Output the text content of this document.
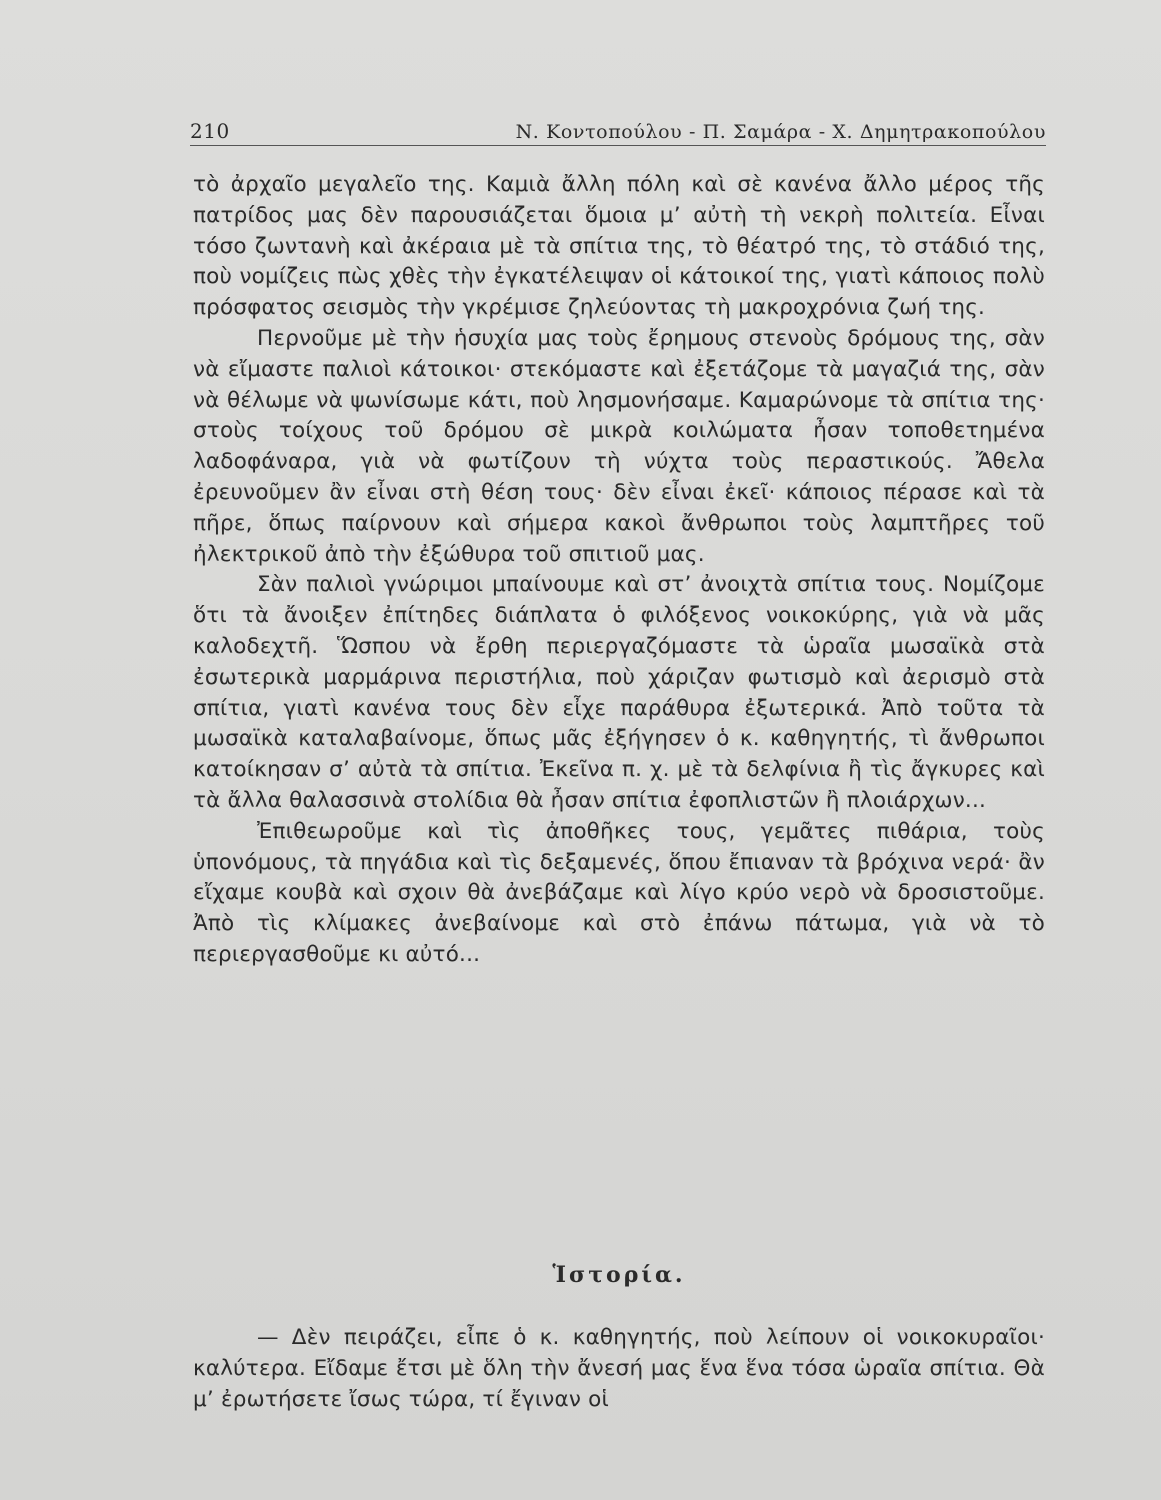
210	Ν. Κοντοπούλου - Π. Σαμάρα - Χ. Δημητρακοπούλου

τὸ ἀρχαῖο μεγαλεῖο της. Καμιὰ ἄλλη πόλη καὶ σὲ κανένα ἄλλο μέρος τῆς πατρίδος μας δὲν παρουσιάζεται ὅμοια μ’ αὐτὴ τὴ νεκρὴ πολιτεία. Εἶναι τόσο ζωντανὴ καὶ ἀκέραια μὲ τὰ σπίτια της, τὸ θέατρό της, τὸ στάδιό της, ποὺ νομίζεις πὼς χθὲς τὴν ἐγκατέλειψαν οἱ κάτοικοί της, γιατὶ κάποιος πολὺ πρόσφατος σεισμὸς τὴν γκρέμισε ζηλεύοντας τὴ μακροχρόνια ζωή της.

Περνοῦμε μὲ τὴν ἡσυχία μας τοὺς ἔρημους στενοὺς δρόμους της, σὰν νὰ εἴμαστε παλιοὶ κάτοικοι· στεκόμαστε καὶ ἐξετάζομε τὰ μαγαζιά της, σὰν νὰ θέλωμε νὰ ψωνίσωμε κάτι, ποὺ λησμονήσαμε. Καμαρώνομε τὰ σπίτια της· στοὺς τοίχους τοῦ δρόμου σὲ μικρὰ κοιλώματα ἦσαν τοποθετημένα λαδοφάναρα, γιὰ νὰ φωτίζουν τὴ νύχτα τοὺς περαστικούς. Ἄθελα ἐρευνοῦμεν ἂν εἶναι στὴ θέση τους· δὲν εἶναι ἐκεῖ· κάποιος πέρασε καὶ τὰ πῆρε, ὅπως παίρνουν καὶ σήμερα κακοὶ ἄνθρωποι τοὺς λαμπτῆρες τοῦ ἠλεκτρικοῦ ἀπὸ τὴν ἐξώθυρα τοῦ σπιτιοῦ μας.

Σὰν παλιοὶ γνώριμοι μπαίνουμε καὶ στ’ ἀνοιχτὰ σπίτια τους. Νομίζομε ὅτι τὰ ἄνοιξεν ἐπίτηδες διάπλατα ὁ φιλόξενος νοικοκύρης, γιὰ νὰ μᾶς καλοδεχτῆ. Ὥσπου νὰ ἔρθη περιεργαζόμαστε τὰ ὡραῖα μωσαϊκὰ στὰ ἐσωτερικὰ μαρμάρινα περιστήλια, ποὺ χάριζαν φωτισμὸ καὶ ἀερισμὸ στὰ σπίτια, γιατὶ κανένα τους δὲν εἶχε παράθυρα ἐξωτερικά. Ἀπὸ τοῦτα τὰ μωσαϊκὰ καταλαβαίνομε, ὅπως μᾶς ἐξήγησεν ὁ κ. καθηγητής, τὶ ἄνθρωποι κατοίκησαν σ’ αὐτὰ τὰ σπίτια. Ἐκεῖνα π. χ. μὲ τὰ δελφίνια ἢ τὶς ἄγκυρες καὶ τὰ ἄλλα θαλασσινὰ στολίδια θὰ ἦσαν σπίτια ἐφοπλιστῶν ἢ πλοιάρχων...

Ἐπιθεωροῦμε καὶ τὶς ἀποθῆκες τους, γεμᾶτες πιθάρια, τοὺς ὑπονόμους, τὰ πηγάδια καὶ τὶς δεξαμενές, ὅπου ἔπιαναν τὰ βρόχινα νερά· ἂν εἴχαμε κουβὰ καὶ σχοιν θὰ ἀνεβάζαμε καὶ λίγο κρύο νερὸ νὰ δροσιστοῦμε. Ἀπὸ τὶς κλίμακες ἀνεβαίνομε καὶ στὸ ἐπάνω πάτωμα, γιὰ νὰ τὸ περιεργασθοῦμε κι αὐτό...

Ἱστορία.

— Δὲν πειράζει, εἶπε ὁ κ. καθηγητής, ποὺ λείπουν οἱ νοικοκυραῖοι· καλύτερα. Εἴδαμε ἔτσι μὲ ὅλη τὴν ἄνεσή μας ἕνα ἕνα τόσα ὡραῖα σπίτια. Θὰ μ’ ἐρωτήσετε ἴσως τώρα, τί ἔγιναν οἱ
